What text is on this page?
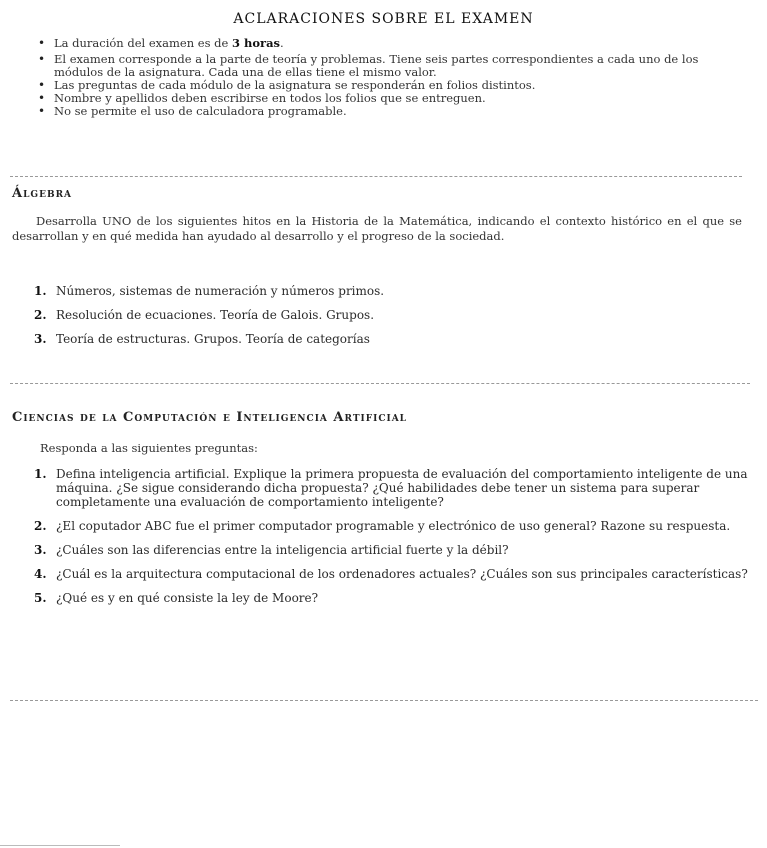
ACLARACIONES SOBRE EL EXAMEN
• La duración del examen es de 3 horas.
• El examen corresponde a la parte de teoría y problemas. Tiene seis partes correspondientes a cada uno de los módulos de la asignatura. Cada una de ellas tiene el mismo valor.
• Las preguntas de cada módulo de la asignatura se responderán en folios distintos.
• Nombre y apellidos deben escribirse en todos los folios que se entreguen.
• No se permite el uso de calculadora programable.
Álgebra
Desarrolla UNO de los siguientes hitos en la Historia de la Matemática, indicando el contexto histórico en el que se desarrollan y en qué medida han ayudado al desarrollo y el progreso de la sociedad.
1. Números, sistemas de numeración y números primos.
2. Resolución de ecuaciones. Teoría de Galois. Grupos.
3. Teoría de estructuras. Grupos. Teoría de categorías
Ciencias de la Computación e Inteligencia Artificial
Responda a las siguientes preguntas:
1. Defina inteligencia artificial. Explique la primera propuesta de evaluación del comportamiento inteligente de una máquina. ¿Se sigue considerando dicha propuesta? ¿Qué habilidades debe tener un sistema para superar completamente una evaluación de comportamiento inteligente?
2. ¿El coputador ABC fue el primer computador programable y electrónico de uso general? Razone su respuesta.
3. ¿Cuáles son las diferencias entre la inteligencia artificial fuerte y la débil?
4. ¿Cuál es la arquitectura computacional de los ordenadores actuales? ¿Cuáles son sus principales características?
5. ¿Qué es y en qué consiste la ley de Moore?
